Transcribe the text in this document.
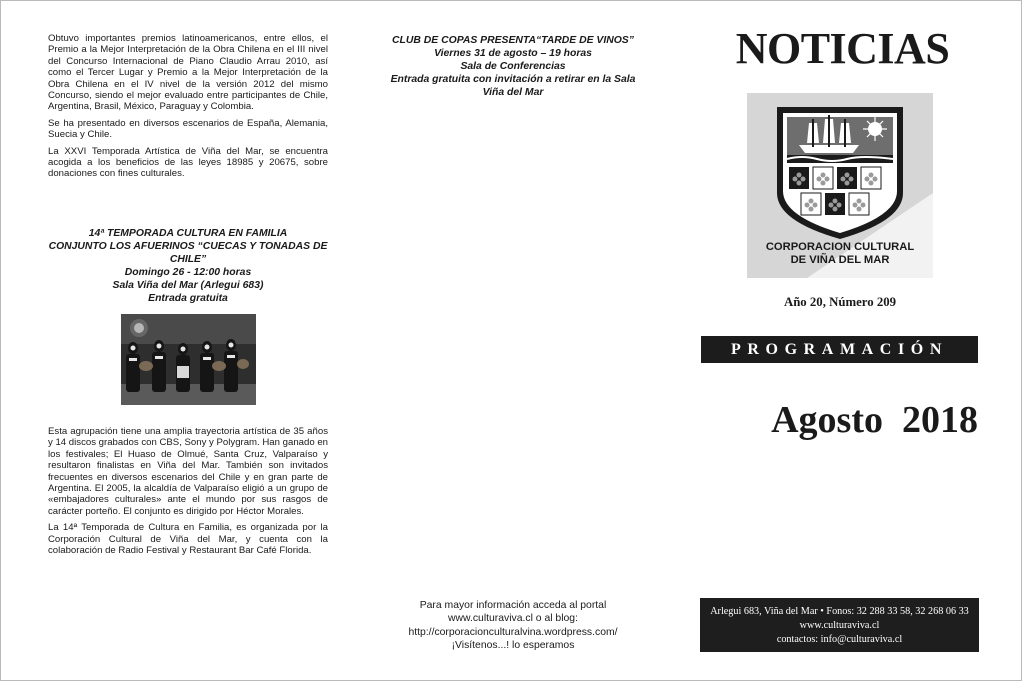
Obtuvo importantes premios latinoamericanos, entre ellos, el Premio a la Mejor Interpretación de la Obra Chilena en el III nivel del Concurso Internacional de Piano Claudio Arrau 2010, así como el Tercer Lugar y Premio a la Mejor Interpretación de la Obra Chilena en el IV nivel de la versión 2012 del mismo Concurso, siendo el mejor evaluado entre participantes de Chile, Argentina, Brasil, México, Paraguay y Colombia.

Se ha presentado en diversos escenarios de España, Alemania, Suecia y Chile.

La XXVI Temporada Artística de Viña del Mar, se encuentra acogida a los beneficios de las leyes 18985 y 20675, sobre donaciones con fines culturales.

14ª TEMPORADA CULTURA EN FAMILIA
CONJUNTO LOS AFUERINOS “CUECAS Y TONADAS DE CHILE”
Domingo 26 - 12:00 horas
Sala Viña del Mar (Arlegui 683)
Entrada gratuita

Esta agrupación tiene una amplia trayectoria artística de 35 años y 14 discos grabados con CBS, Sony y Polygram. Han ganado en los festivales; El Huaso de Olmué, Santa Cruz, Valparaíso y resultaron finalistas en Viña del Mar. También son invitados frecuentes en diversos escenarios del Chile y en gran parte de Argentina. El 2005, la alcaldía de Valparaíso eligió a un grupo de «embajadores culturales» ante el mundo por sus rasgos de carácter porteño. El conjunto es dirigido por Héctor Morales.

La 14ª Temporada de Cultura en Familia, es organizada por la Corporación Cultural de Viña del Mar, y cuenta con la colaboración de Radio Festival y Restaurant Bar Café Florida.

CLUB DE COPAS PRESENTA“TARDE DE VINOS”
Viernes 31 de agosto – 19 horas
Sala de Conferencias
Entrada gratuita con invitación a retirar en la Sala Viña del Mar
Para mayor información acceda al portal
www.culturaviva.cl o al blog:
http://corporacionculturalvina.wordpress.com/
¡Visítenos...! lo esperamos
NOTICIAS
CORPORACION CULTURAL
DE VIÑA DEL MAR
Año 20, Número 209
PROGRAMACIÓN
Agosto  2018
Arlegui 683, Viña del Mar • Fonos: 32 288 33 58, 32 268 06 33
www.culturaviva.cl
contactos: info@culturaviva.cl
